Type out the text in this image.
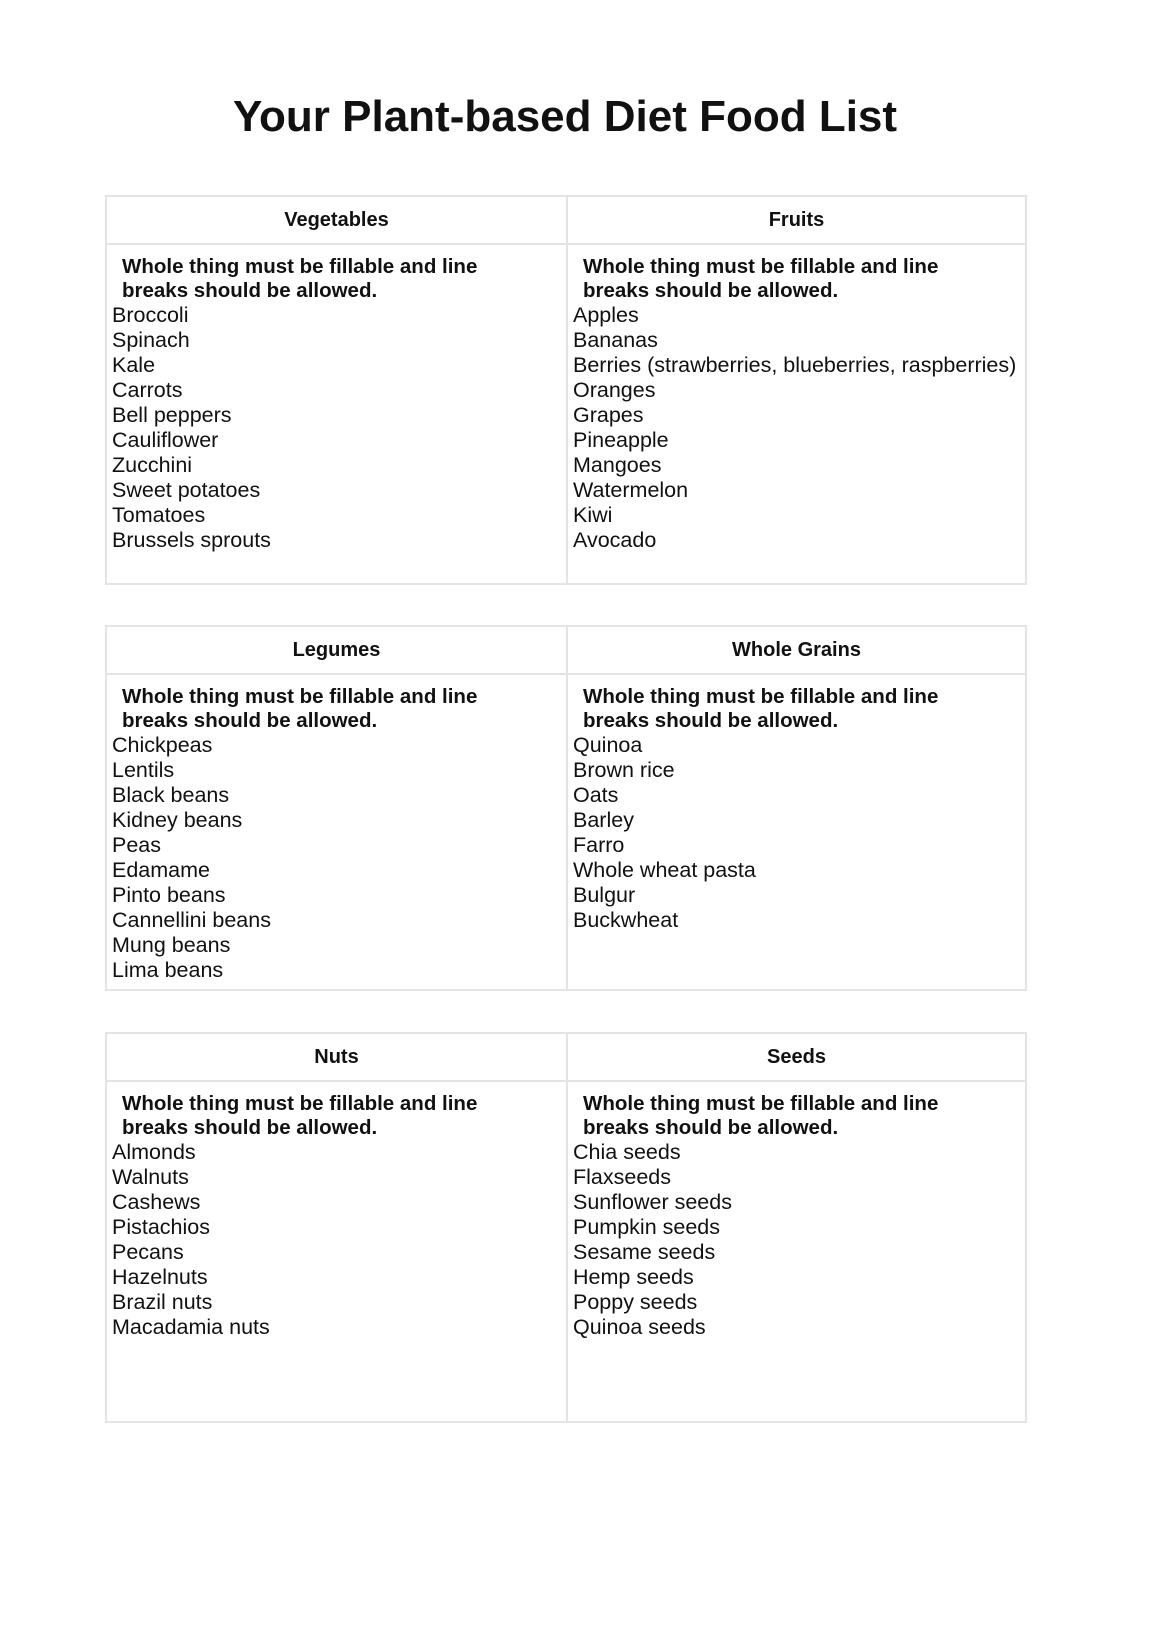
Your Plant-based Diet Food List
Vegetables
Whole thing must be fillable and line breaks should be allowed.
Broccoli
Spinach
Kale
Carrots
Bell peppers
Cauliflower
Zucchini
Sweet potatoes
Tomatoes
Brussels sprouts
Fruits
Whole thing must be fillable and line breaks should be allowed.
Apples
Bananas
Berries (strawberries, blueberries, raspberries)
Oranges
Grapes
Pineapple
Mangoes
Watermelon
Kiwi
Avocado
Legumes
Whole thing must be fillable and line breaks should be allowed.
Chickpeas
Lentils
Black beans
Kidney beans
Peas
Edamame
Pinto beans
Cannellini beans
Mung beans
Lima beans
Whole Grains
Whole thing must be fillable and line breaks should be allowed.
Quinoa
Brown rice
Oats
Barley
Farro
Whole wheat pasta
Bulgur
Buckwheat
Nuts
Whole thing must be fillable and line breaks should be allowed.
Almonds
Walnuts
Cashews
Pistachios
Pecans
Hazelnuts
Brazil nuts
Macadamia nuts
Seeds
Whole thing must be fillable and line breaks should be allowed.
Chia seeds
Flaxseeds
Sunflower seeds
Pumpkin seeds
Sesame seeds
Hemp seeds
Poppy seeds
Quinoa seeds
